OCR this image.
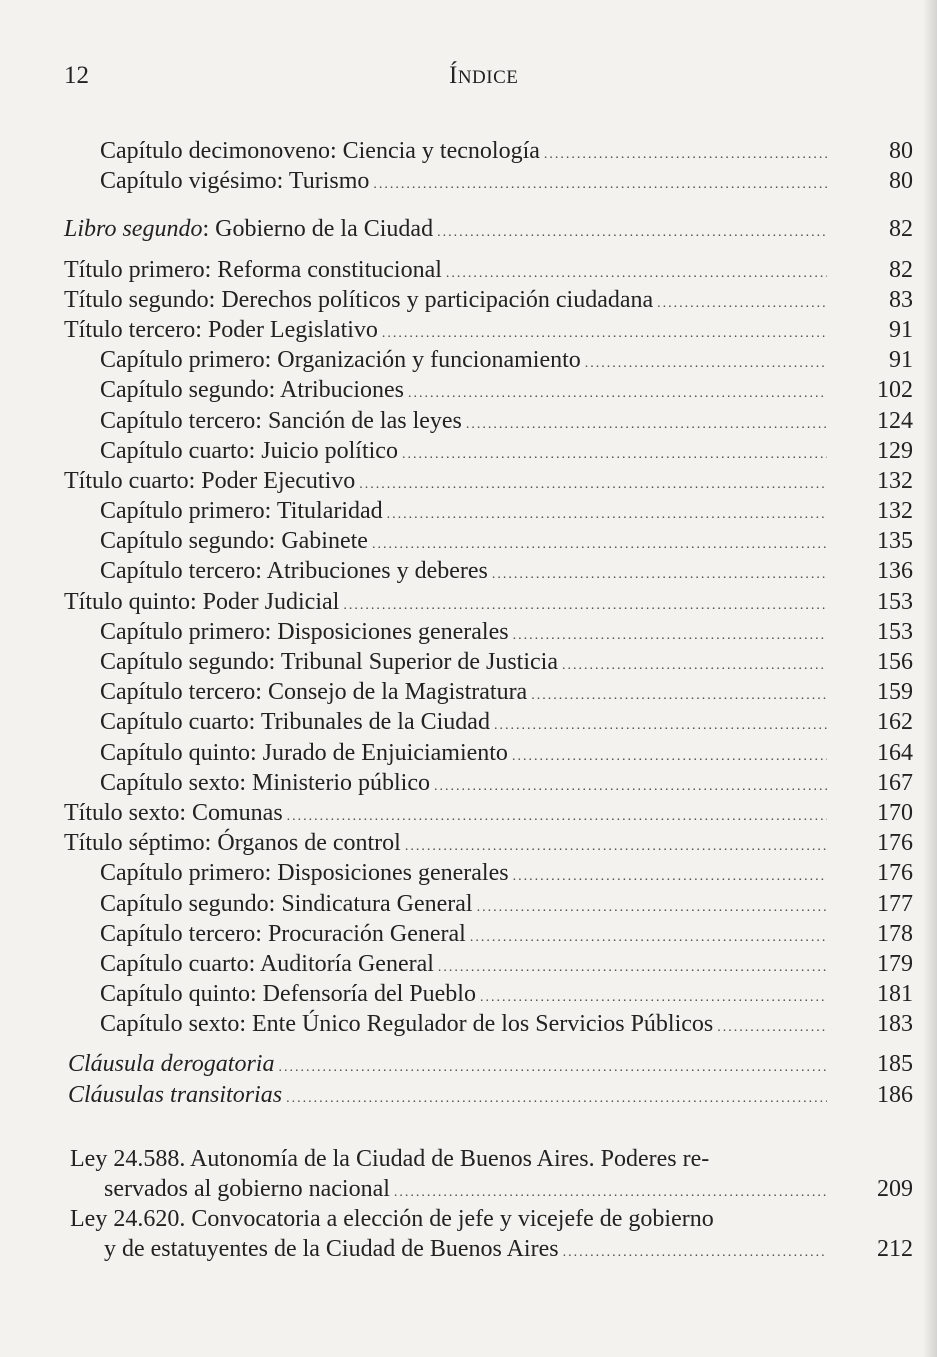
12	ÍNDICE
Capítulo decimonoveno: Ciencia y tecnología .....	80
Capítulo vigésimo: Turismo .....	80
Libro segundo: Gobierno de la Ciudad .....	82
Título primero: Reforma constitucional .....	82
Título segundo: Derechos políticos y participación ciudadana .....	83
Título tercero: Poder Legislativo .....	91
Capítulo primero: Organización y funcionamiento .....	91
Capítulo segundo: Atribuciones .....	102
Capítulo tercero: Sanción de las leyes .....	124
Capítulo cuarto: Juicio político .....	129
Título cuarto: Poder Ejecutivo .....	132
Capítulo primero: Titularidad .....	132
Capítulo segundo: Gabinete .....	135
Capítulo tercero: Atribuciones y deberes .....	136
Título quinto: Poder Judicial .....	153
Capítulo primero: Disposiciones generales .....	153
Capítulo segundo: Tribunal Superior de Justicia .....	156
Capítulo tercero: Consejo de la Magistratura .....	159
Capítulo cuarto: Tribunales de la Ciudad .....	162
Capítulo quinto: Jurado de Enjuiciamiento .....	164
Capítulo sexto: Ministerio público .....	167
Título sexto: Comunas .....	170
Título séptimo: Órganos de control .....	176
Capítulo primero: Disposiciones generales .....	176
Capítulo segundo: Sindicatura General .....	177
Capítulo tercero: Procuración General .....	178
Capítulo cuarto: Auditoría General .....	179
Capítulo quinto: Defensoría del Pueblo .....	181
Capítulo sexto: Ente Único Regulador de los Servicios Públicos .....	183
Cláusula derogatoria .....	185
Cláusulas transitorias .....	186
Ley 24.588. Autonomía de la Ciudad de Buenos Aires. Poderes re-
servados al gobierno nacional .....	209
Ley 24.620. Convocatoria a elección de jefe y vicejefe de gobierno
y de estatuyentes de la Ciudad de Buenos Aires .....	212
